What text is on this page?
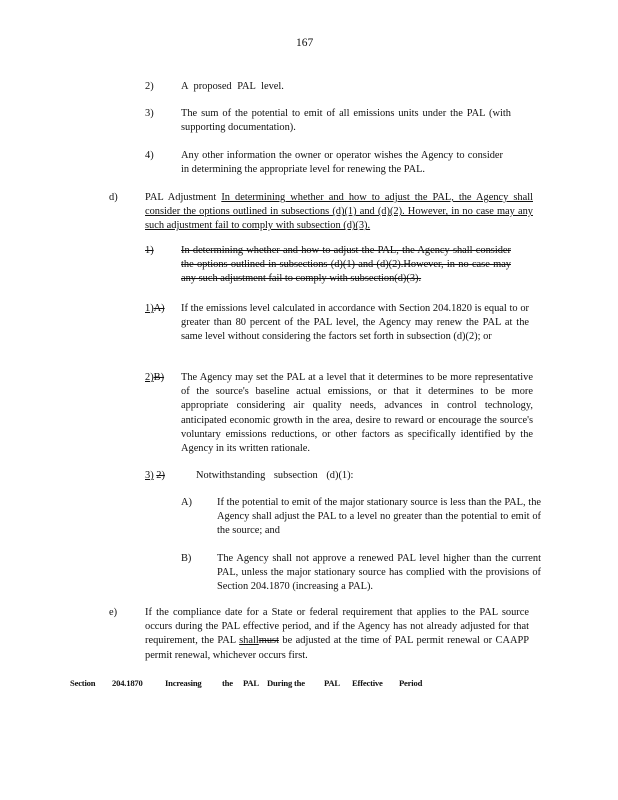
167
2)	A proposed PAL level.
3)	The sum of the potential to emit of all emissions units under the PAL (with supporting documentation).
4)	Any other information the owner or operator wishes the Agency to consider in determining the appropriate level for renewing the PAL.
d)	PAL Adjustment In determining whether and how to adjust the PAL, the Agency shall consider the options outlined in subsections (d)(1) and (d)(2). However, in no case may any such adjustment fail to comply with subsection (d)(3).
1)	In determining whether and how to adjust the PAL, the Agency shall consider the options outlined in subsections (d)(1) and (d)(2).However, in no case may any such adjustment fail to comply with subsection(d)(3).
1)A) If the emissions level calculated in accordance with Section 204.1820 is equal to or greater than 80 percent of the PAL level, the Agency may renew the PAL at the same level without considering the factors set forth in subsection (d)(2); or
2)B) The Agency may set the PAL at a level that it determines to be more representative of the source's baseline actual emissions, or that it determines to be more appropriate considering air quality needs, advances in control technology, anticipated economic growth in the area, desire to reward or encourage the source's voluntary emissions reductions, or other factors as specifically identified by the Agency in its written rationale.
3) 2)	Notwithstanding subsection (d)(1):
A) If the potential to emit of the major stationary source is less than the PAL, the Agency shall adjust the PAL to a level no greater than the potential to emit of the source; and
B) The Agency shall not approve a renewed PAL level higher than the current PAL, unless the major stationary source has complied with the provisions of Section 204.1870 (increasing a PAL).
e)	If the compliance date for a State or federal requirement that applies to the PAL source occurs during the PAL effective period, and if the Agency has not already adjusted for that requirement, the PAL shallmust be adjusted at the time of PAL permit renewal or CAAPP permit renewal, whichever occurs first.
Section 204.1870	Increasing the PAL During the PAL Effective Period
